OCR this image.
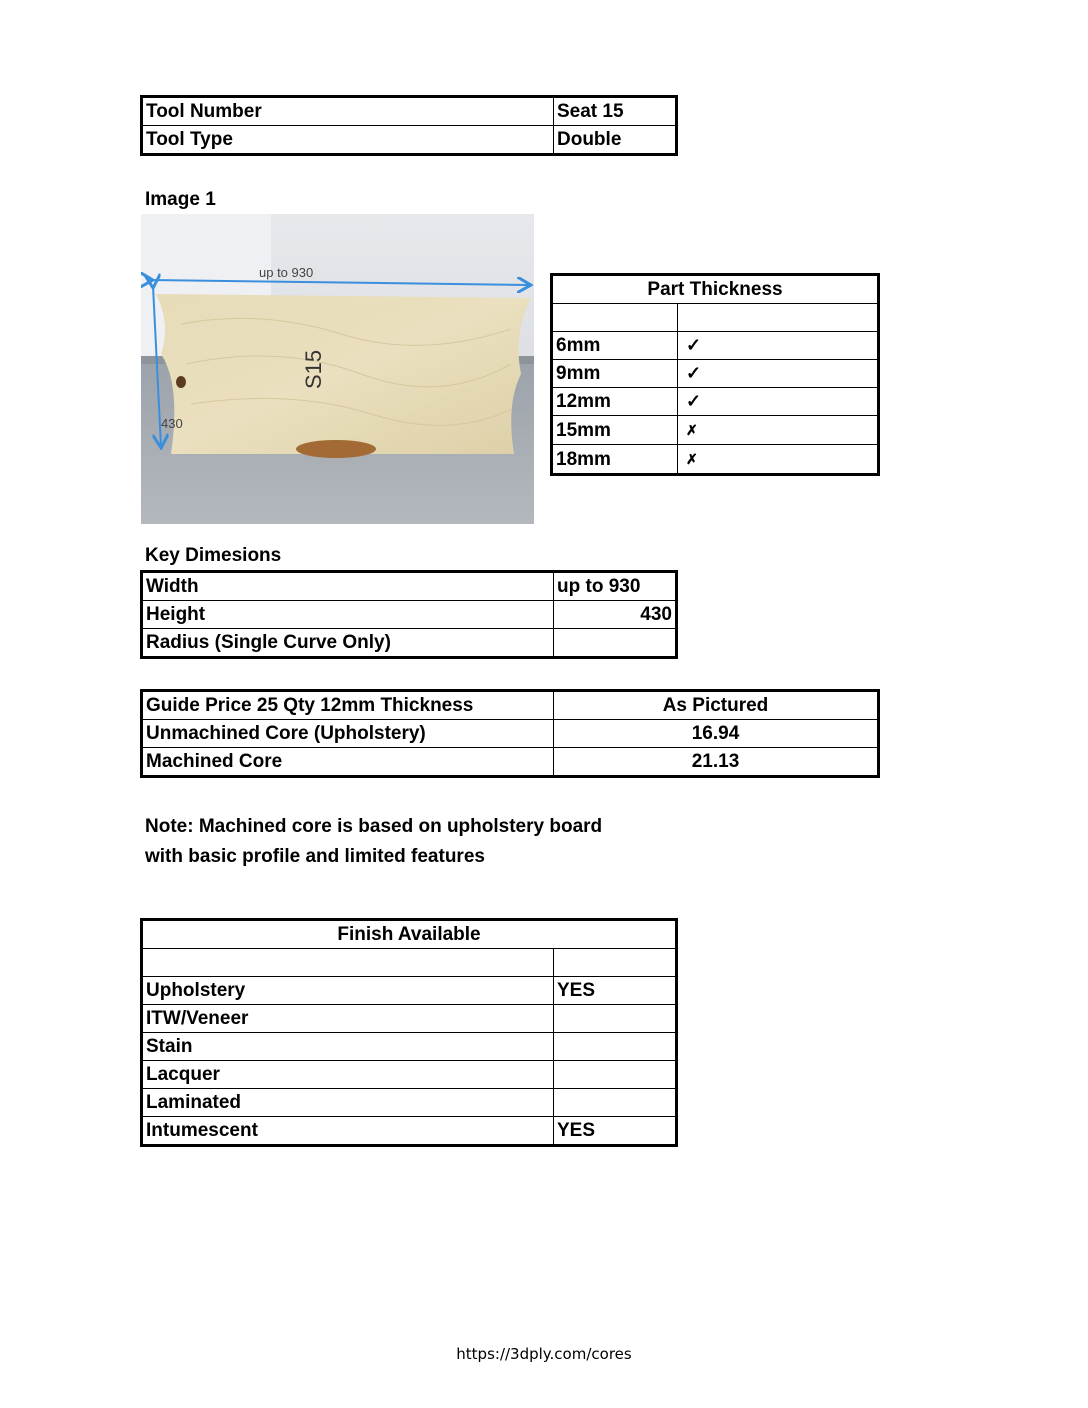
Tool Number	Seat 15
Tool Type	Double
Image 1
S15
up to 930
430
Part Thickness	

6mm	✓
9mm	✓
12mm	✓
15mm	✗
18mm	✗
Key Dimesions
Width	up to 930
Height	430
Radius (Single Curve Only)	
Guide Price 25 Qty 12mm Thickness	As Pictured
Unmachined Core (Upholstery)	16.94
Machined Core	21.13
Note: Machined core is based on upholstery board
with basic profile and limited features
Finish Available	

Upholstery	YES
ITW/Veneer	
Stain	
Lacquer	
Laminated	
Intumescent	YES
https://3dply.com/cores
